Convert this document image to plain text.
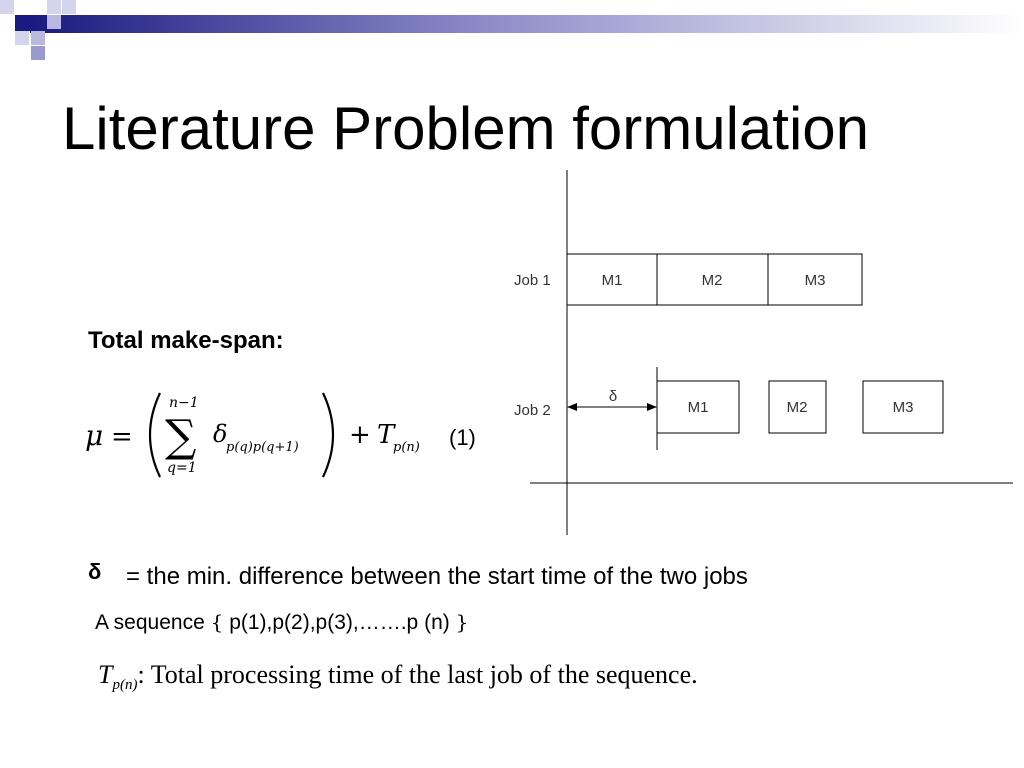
Literature Problem formulation
Total make-span:
μ =
n−1
∑
q=1
δ
p(q)p(q+1) + T
p(n) (1)
Job 1
Job 2
M1	M2	M3
M1	M2	M3
δ
δ = the min. difference between the start time of the two jobs
A sequence { p(1),p(2),p(3),…….p (n) }
$T_{p(n)}$: Total processing time of the last job of the sequence.
